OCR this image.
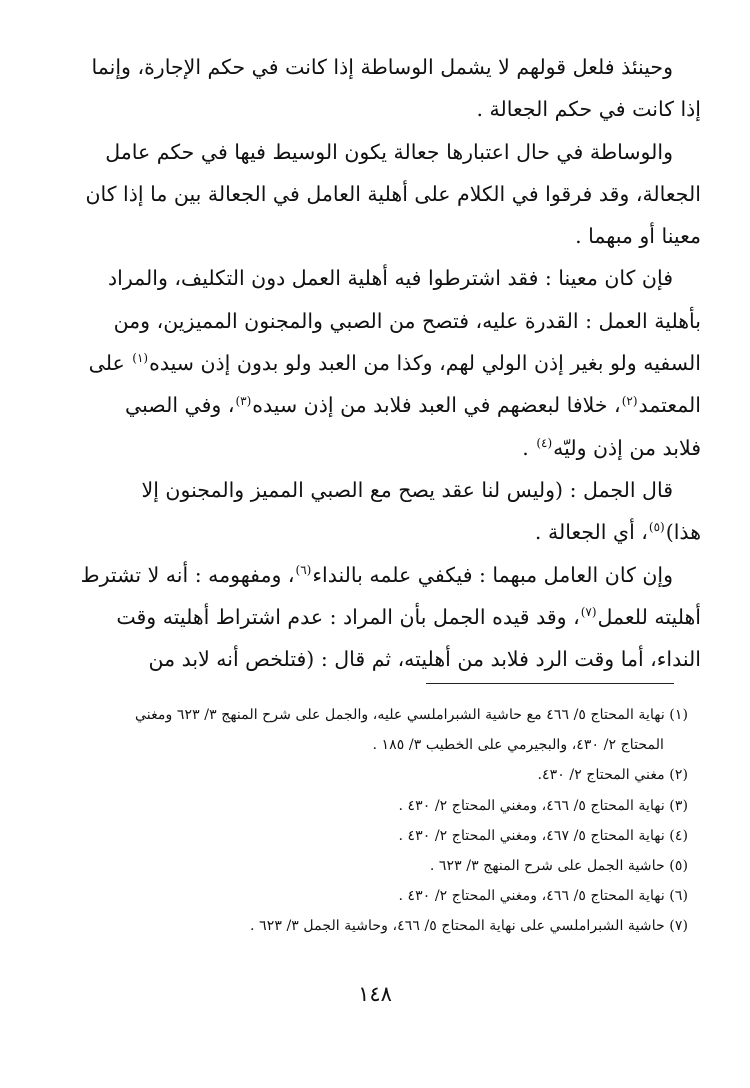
وحينئذ فلعل قولهم لا يشمل الوساطة إذا كانت في حكم الإجارة، وإنما
إذا كانت في حكم الجعالة .

والوساطة في حال اعتبارها جعالة يكون الوسيط فيها في حكم عامل
الجعالة، وقد فرقوا في الكلام على أهلية العامل في الجعالة بين ما إذا كان
معينا أو مبهما .

فإن كان معينا : فقد اشترطوا فيه أهلية العمل دون التكليف، والمراد
بأهلية العمل : القدرة عليه، فتصح من الصبي والمجنون المميزين، ومن
السفيه ولو بغير إذن الولي لهم، وكذا من العبد ولو بدون إذن سيده$^{(١)}$ على
المعتمد$^{(٢)}$، خلافا لبعضهم في العبد فلابد من إذن سيده$^{(٣)}$، وفي الصبي
فلابد من إذن وليّه$^{(٤)}$ .

قال الجمل : (وليس لنا عقد يصح مع الصبي المميز والمجنون إلا
هذا)$^{(٥)}$، أي الجعالة .

وإن كان العامل مبهما : فيكفي علمه بالنداء$^{(٦)}$، ومفهومه : أنه لا تشترط
أهليته للعمل$^{(٧)}$، وقد قيده الجمل بأن المراد : عدم اشتراط أهليته وقت
النداء، أما وقت الرد فلابد من أهليته، ثم قال : (فتلخص أنه لابد من

(١) نهاية المحتاج ٥/ ٤٦٦ مع حاشية الشبراملسي عليه، والجمل على شرح المنهج ٣/ ٦٢٣ ومغني
المحتاج ٢/ ٤٣٠، والبجيرمي على الخطيب ٣/ ١٨٥ .
(٢) مغني المحتاج ٢/ ٤٣٠.
(٣) نهاية المحتاج ٥/ ٤٦٦، ومغني المحتاج ٢/ ٤٣٠ .
(٤) نهاية المحتاج ٥/ ٤٦٧، ومغني المحتاج ٢/ ٤٣٠ .
(٥) حاشية الجمل على شرح المنهج ٣/ ٦٢٣ .
(٦) نهاية المحتاج ٥/ ٤٦٦، ومغني المحتاج ٢/ ٤٣٠ .
(٧) حاشية الشبراملسي على نهاية المحتاج ٥/ ٤٦٦، وحاشية الجمل ٣/ ٦٢٣ .
١٤٨
